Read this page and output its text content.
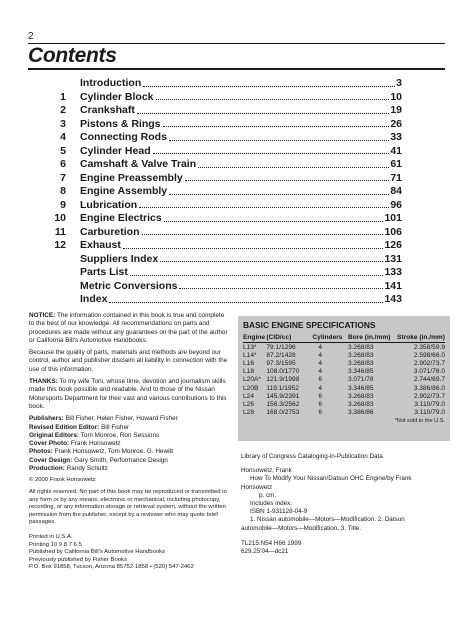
2
Contents
Introduction	3
1	Cylinder Block	10
2	Crankshaft	19
3	Pistons & Rings	26
4	Connecting Rods	33
5	Cylinder Head	41
6	Camshaft & Valve Train	61
7	Engine Preassembly	71
8	Engine Assembly	84
9	Lubrication	96
10	Engine Electrics	101
11	Carburetion	106
12	Exhaust	126
Suppliers Index	131
Parts List	133
Metric Conversions	141
Index	143

NOTICE: The information contained in this book is true and complete to the best of our knowledge. All recommendations on parts and procedures are made without any guarantees on the part of the author or California Bill's Automotive Handbooks.

Because the quality of parts, materials and methods are beyond our control, author and publisher disclaim all liability in connection with the use of this information.

THANKS: To my wife Toni, whose time, devotion and journalism skills made this book possible and readable. And to those of the Nissan Motorsports Department for their vast and various contributions to this book.

Publishers: Bill Fisher, Helen Fisher, Howard Fisher
Revised Edition Editor: Bill Fisher
Original Editors: Tom Monroe, Ron Sessions
Cover Photo: Frank Honsowetz
Photos: Frank Honsowetz, Tom Monroe, G. Hewitt
Cover Design: Gary Smith, Performance Design
Production: Randy Schultz

© 2000 Frank Honsowetz

All rights reserved. No part of this book may be reproduced or transmitted in any form or by any means, electronic or mechanical, including photocopy, recording, or any information storage or retrieval system, without the written permission from the publisher, except by a reviewer who may quote brief passages.

Printed in U.S.A.
Printing 10 9 8 7 6 5
Published by California Bill's Automotive Handbooks
Previously published by Fisher Books
P.O. Box 91858, Tucson, Arizona 85752-1858 • (520) 547-2462
BASIC ENGINE SPECIFICATIONS
Engine	(CID/cc)	Cylinders	Bore (in./mm)	Stroke (in./mm)
L13*	79.1/1296	4	3.268/83	2.358/59.9
L14*	87.2/1428	4	3.268/83	2.598/66.0
L16	97.3/1595	4	3.268/83	2.902/73.7
L18	108.0/1770	4	3.346/85	3.071/78.0
L20A*	121.9/1998	6	3.071/78	2.744/69.7
L20B	119.1/1952	4	3.346/85	3.386/86.0
L24	145.9/2391	6	3.268/83	2.902/73.7
L26	156.3/2562	6	3.268/83	3.110/79.0
L28	168.0/2753	6	3.386/86	3.110/79.0
*Not sold in the U.S.
Library of Congress Cataloging-in-Publication Data
Honsowetz, Frank
How To Modify Your Nissan/Datsun OHC Engine/by Frank
Honsowetz
p. cm.
Includes index.
ISBN 1-931128-04-9
1. Nissan automobile—Motors—Modification. 2. Datsun
automobile—Motors—Modification. 3. Title.
TL215.N54 H66 1999
629.25'04—dc21
